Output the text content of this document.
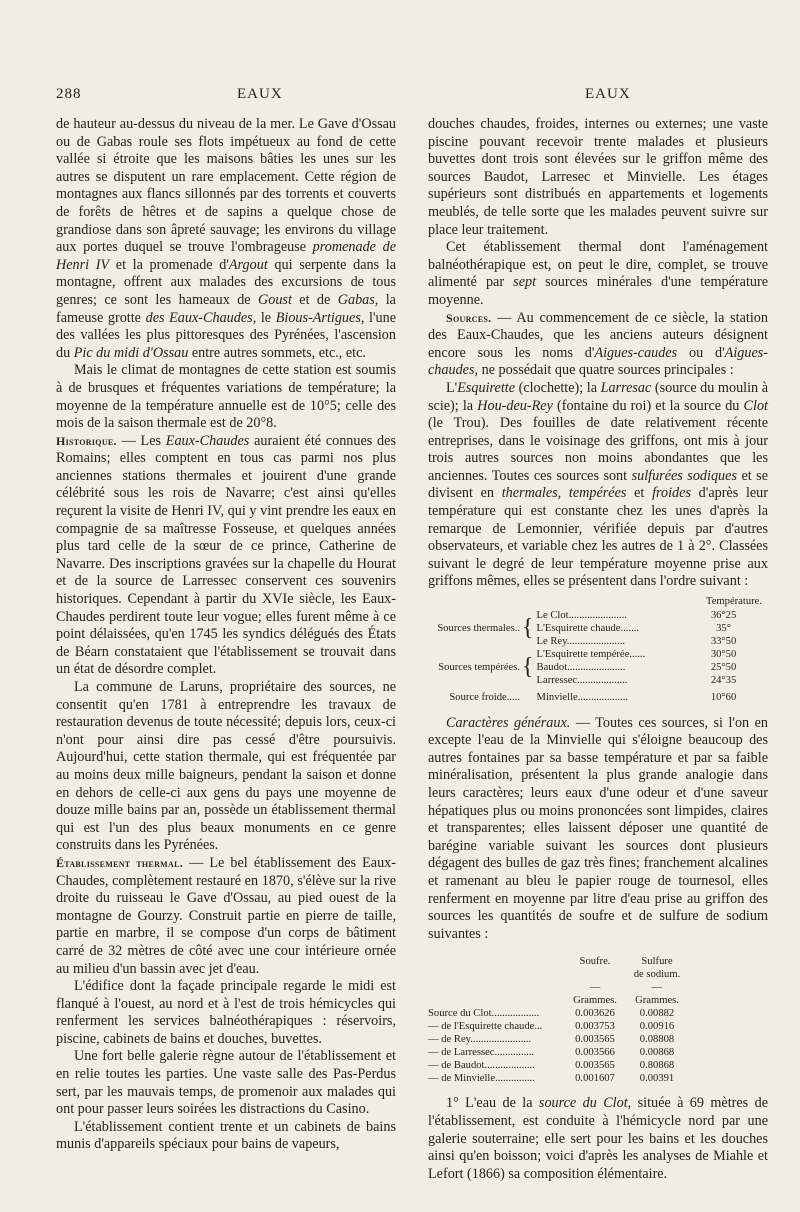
288	EAUX	EAUX

de hauteur au-dessus du niveau de la mer. Le Gave d'Ossau ou de Gabas roule ses flots impétueux au fond de cette vallée si étroite que les maisons bâties les unes sur les autres se disputent un rare emplacement. Cette région de montagnes aux flancs sillonnés par des torrents et couverts de forêts de hêtres et de sapins a quelque chose de grandiose dans son âpreté sauvage; les environs du village aux portes duquel se trouve l'ombrageuse promenade de Henri IV et la promenade d'Argout qui serpente dans la montagne, offrent aux malades des excursions de tous genres; ce sont les hameaux de Goust et de Gabas, la fameuse grotte des Eaux-Chaudes, le Bious-Artigues, l'une des vallées les plus pittoresques des Pyrénées, l'ascension du Pic du midi d'Ossau entre autres sommets, etc., etc.

Mais le climat de montagnes de cette station est soumis à de brusques et fréquentes variations de température; la moyenne de la température annuelle est de 10°5; celle des mois de la saison thermale est de 20°8.

Historique. — Les Eaux-Chaudes auraient été connues des Romains; elles comptent en tous cas parmi nos plus anciennes stations thermales et jouirent d'une grande célébrité sous les rois de Navarre; c'est ainsi qu'elles reçurent la visite de Henri IV, qui y vint prendre les eaux en compagnie de sa maîtresse Fosseuse, et quelques années plus tard celle de la sœur de ce prince, Catherine de Navarre. Des inscriptions gravées sur la chapelle du Hourat et de la source de Larressec conservent ces souvenirs historiques. Cependant à partir du XVIe siècle, les Eaux-Chaudes perdirent toute leur vogue; elles furent même à ce point délaissées, qu'en 1745 les syndics délégués des États de Béarn constataient que l'établissement se trouvait dans un état de désordre complet.

La commune de Laruns, propriétaire des sources, ne consentit qu'en 1781 à entreprendre les travaux de restauration devenus de toute nécessité; depuis lors, ceux-ci n'ont pour ainsi dire pas cessé d'être poursuivis. Aujourd'hui, cette station thermale, qui est fréquentée par au moins deux mille baigneurs, pendant la saison et donne en dehors de celle-ci aux gens du pays une moyenne de douze mille bains par an, possède un établissement thermal qui est l'un des plus beaux monuments en ce genre construits dans les Pyrénées.

Établissement thermal. — Le bel établissement des Eaux-Chaudes, complètement restauré en 1870, s'élève sur la rive droite du ruisseau le Gave d'Ossau, au pied ouest de la montagne de Gourzy. Construit partie en pierre de taille, partie en marbre, il se compose d'un corps de bâtiment carré de 32 mètres de côté avec une cour intérieure ornée au milieu d'un bassin avec jet d'eau.

L'édifice dont la façade principale regarde le midi est flanqué à l'ouest, au nord et à l'est de trois hémicycles qui renferment les services balnéothérapiques : réservoirs, piscine, cabinets de bains et douches, buvettes.

Une fort belle galerie règne autour de l'établissement et en relie toutes les parties. Une vaste salle des Pas-Perdus sert, par les mauvais temps, de promenoir aux malades qui ont pour passer leurs soirées les distractions du Casino.

L'établissement contient trente et un cabinets de bains munis d'appareils spéciaux pour bains de vapeurs,

douches chaudes, froides, internes ou externes; une vaste piscine pouvant recevoir trente malades et plusieurs buvettes dont trois sont élevées sur le griffon même des sources Baudot, Larresec et Minvielle. Les étages supérieurs sont distribués en appartements et logements meublés, de telle sorte que les malades peuvent suivre sur place leur traitement.

Cet établissement thermal dont l'aménagement balnéothérapique est, on peut le dire, complet, se trouve alimenté par sept sources minérales d'une température moyenne.

Sources. — Au commencement de ce siècle, la station des Eaux-Chaudes, que les anciens auteurs désignent encore sous les noms d'Aigues-caudes ou d'Aigues-chaudes, ne possédait que quatre sources principales :

L'Esquirette (clochette); la Larresac (source du moulin à scie); la Hou-deu-Rey (fontaine du roi) et la source du Clot (le Trou). Des fouilles de date relativement récente entreprises, dans le voisinage des griffons, ont mis à jour trois autres sources non moins abondantes que les anciennes. Toutes ces sources sont sulfurées sodiques et se divisent en thermales, tempérées et froides d'après leur température qui est constante chez les unes d'après la remarque de Lemonnier, vérifiée depuis par d'autres observateurs, et variable chez les autres de 1 à 2°. Classées suivant le degré de leur température moyenne prise aux griffons mêmes, elles se présentent dans l'ordre suivant :

Température.
Sources thermales.. { Le Clot......................	36°25
L'Esquirette chaude.......	35°
Le Rey......................	33°50
Sources tempérées. { L'Esquirette tempérée......	30°50
Baudot......................	25°50
Larressec...................	24°35
Source froide..... Minvielle...................	10°60

Caractères généraux. — Toutes ces sources, si l'on en excepte l'eau de la Minvielle qui s'éloigne beaucoup des autres fontaines par sa basse température et par sa faible minéralisation, présentent la plus grande analogie dans leurs caractères; leurs eaux d'une odeur et d'une saveur hépatiques plus ou moins prononcées sont limpides, claires et transparentes; elles laissent déposer une quantité de barégine variable suivant les sources dont plusieurs dégagent des bulles de gaz très fines; franchement alcalines et ramenant au bleu le papier rouge de tournesol, elles renferment en moyenne par litre d'eau prise au griffon des sources les quantités de soufre et de sulfure de sodium suivantes :

Soufre.	Sulfure
de sodium.
—	—
Grammes.	Grammes.
Source du Clot..................	0.003626	0.00882
— de l'Esquirette chaude...	0.003753	0.00916
— de Rey.......................	0.003565	0.08808
— de Larressec...............	0.003566	0.00868
— de Baudot...................	0.003565	0.80868
— de Minvielle...............	0.001607	0.00391

1° L'eau de la source du Clot, située à 69 mètres de l'établissement, est conduite à l'hémicycle nord par une galerie souterraine; elle sert pour les bains et les douches ainsi qu'en boisson; voici d'après les analyses de Miahle et Lefort (1866) sa composition élémentaire.
